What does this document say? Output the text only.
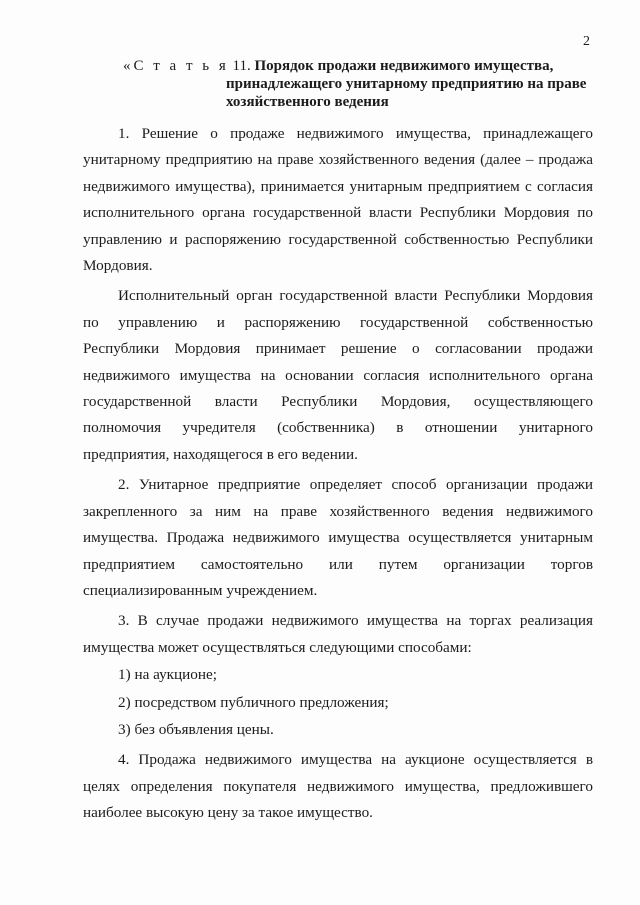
2
«С т а т ь я 11. Порядок продажи недвижимого имущества,
принадлежащего унитарному предприятию на праве
хозяйственного ведения

1. Решение о продаже недвижимого имущества, принадлежащего унитарному предприятию на праве хозяйственного ведения (далее – продажа недвижимого имущества), принимается унитарным предприятием с согласия исполнительного органа государственной власти Республики Мордовия по управлению и распоряжению государственной собственностью Республики Мордовия.

Исполнительный орган государственной власти Республики Мордовия по управлению и распоряжению государственной собственностью Республики Мордовия принимает решение о согласовании продажи недвижимого имущества на основании согласия исполнительного органа государственной власти Республики Мордовия, осуществляющего полномочия учредителя (собственника) в отношении унитарного предприятия, находящегося в его ведении.

2. Унитарное предприятие определяет способ организации продажи закрепленного за ним на праве хозяйственного ведения недвижимого имущества. Продажа недвижимого имущества осуществляется унитарным предприятием самостоятельно или путем организации торгов специализированным учреждением.

3. В случае продажи недвижимого имущества на торгах реализация имущества может осуществляться следующими способами:

1) на аукционе;

2) посредством публичного предложения;

3) без объявления цены.

4. Продажа недвижимого имущества на аукционе осуществляется в целях определения покупателя недвижимого имущества, предложившего наиболее высокую цену за такое имущество.
